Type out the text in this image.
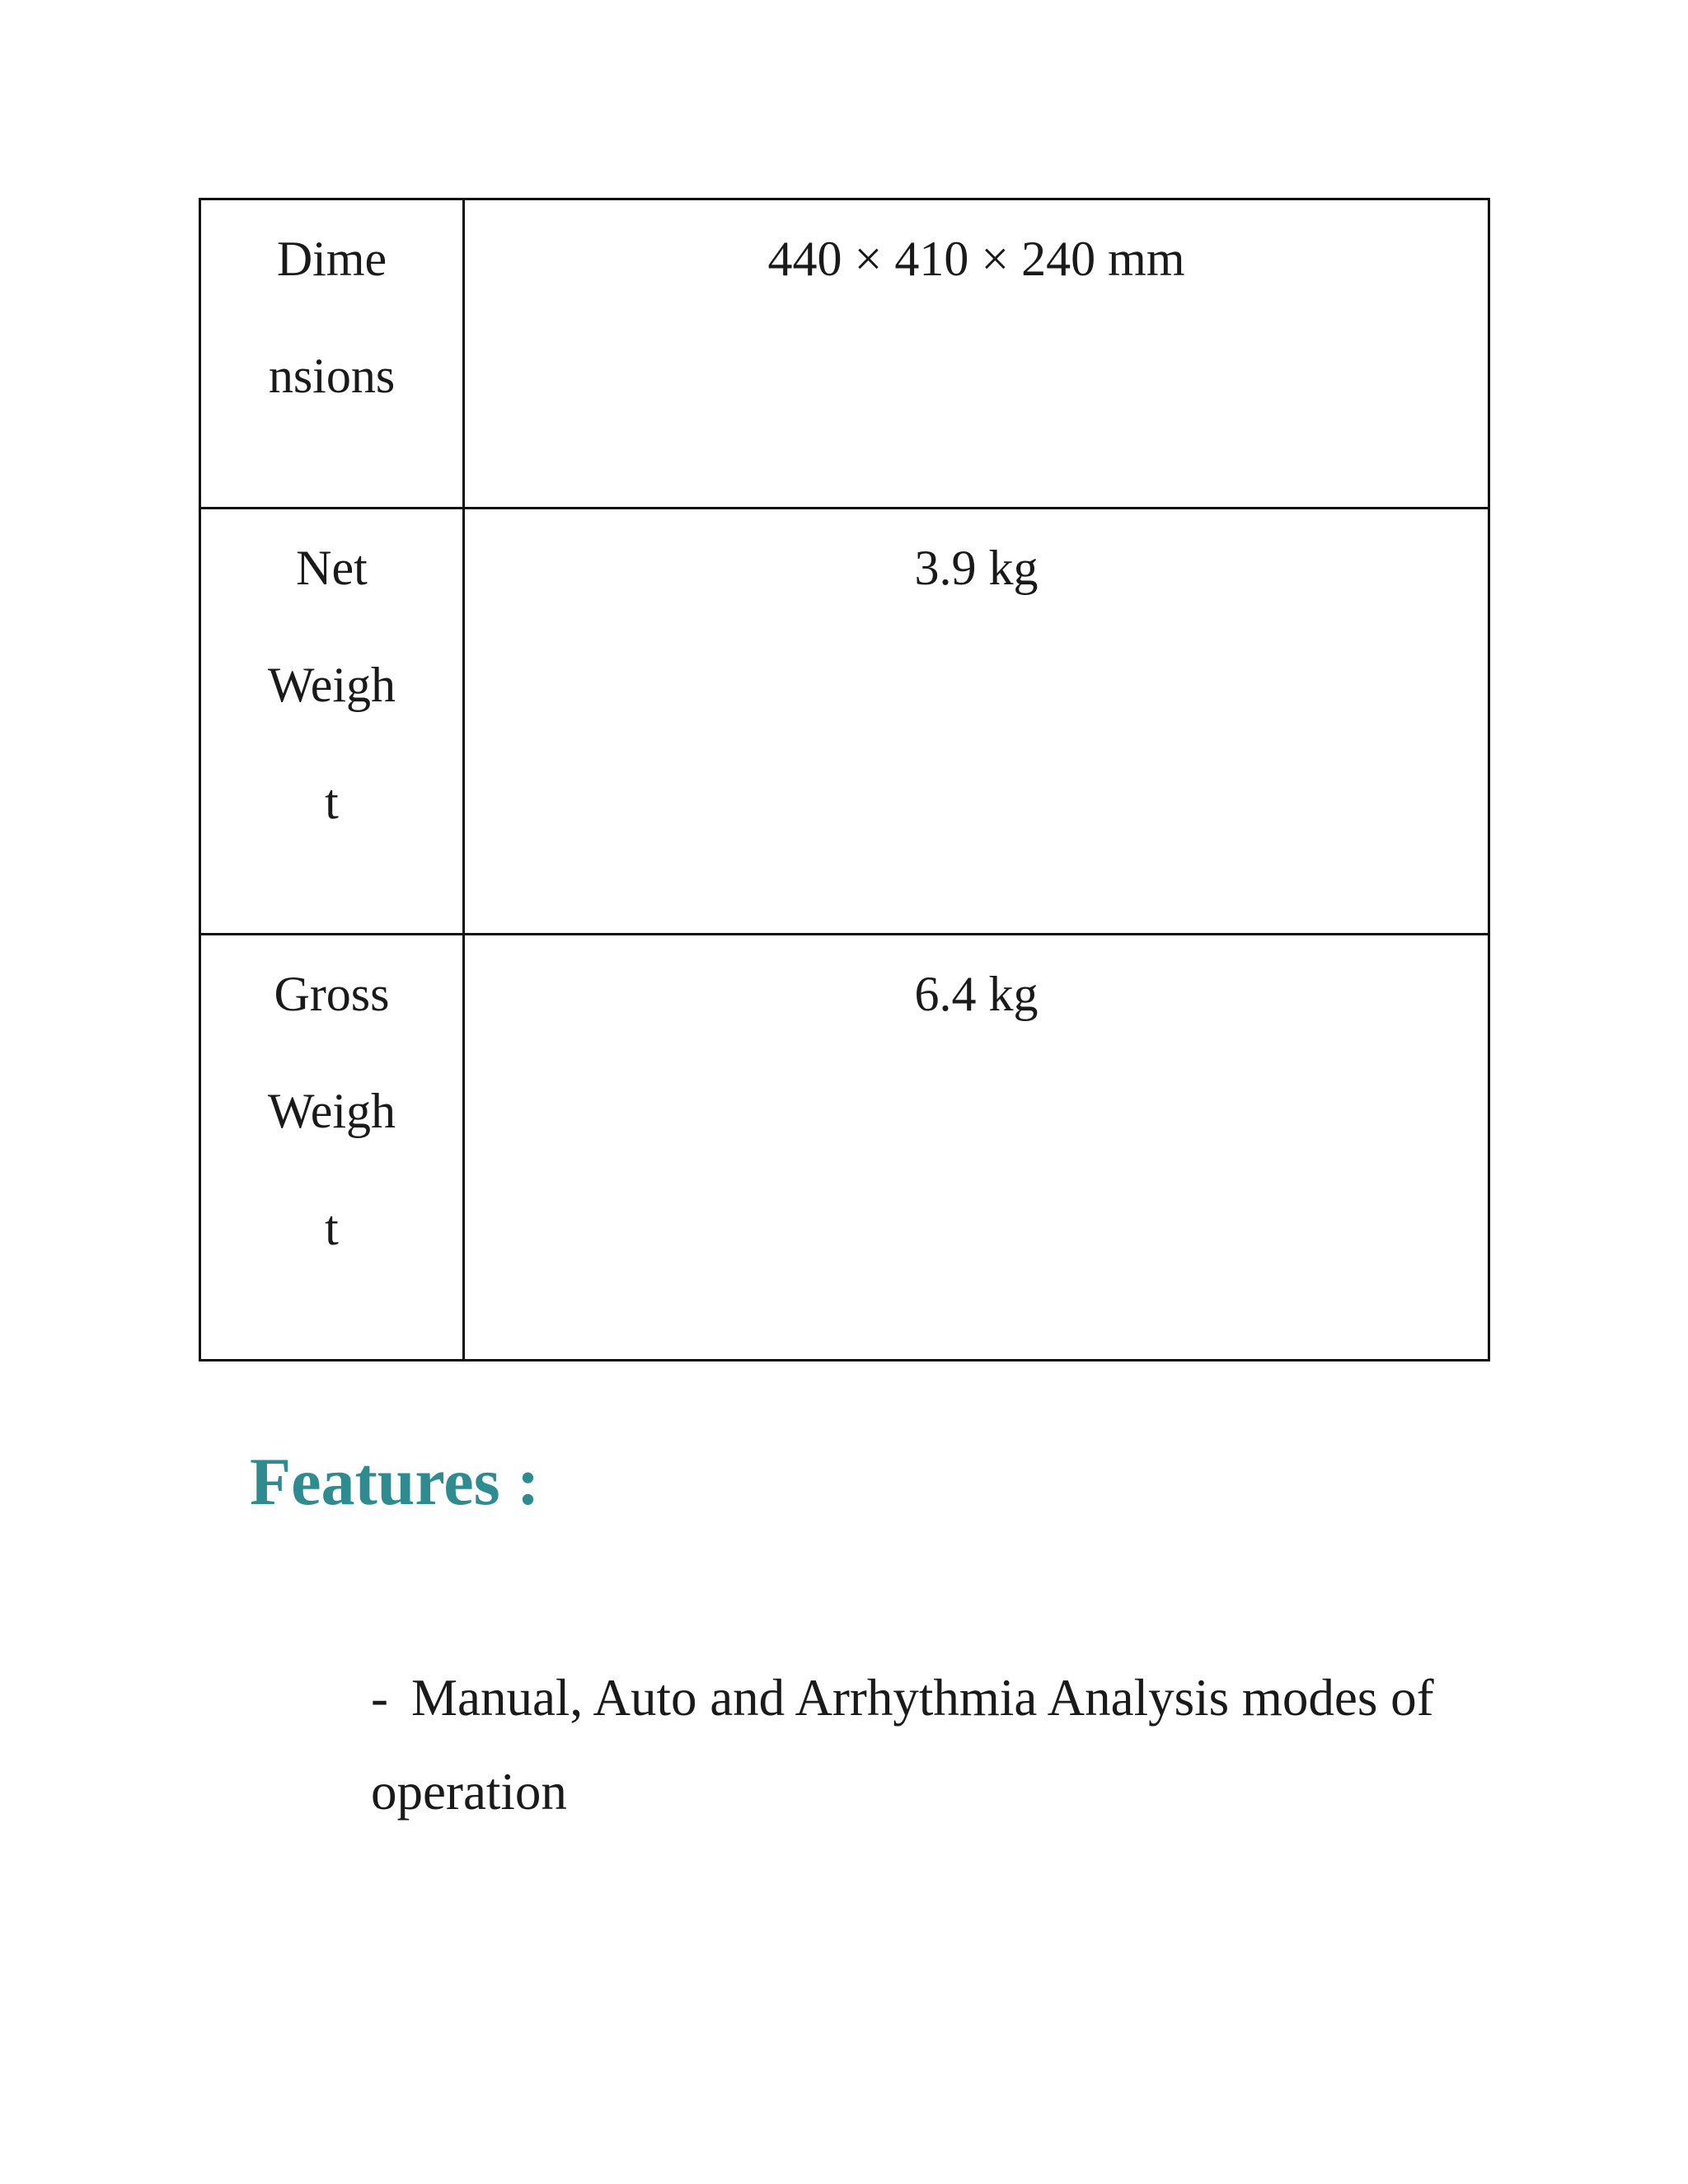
Dime
nsions	440 × 410 × 240 mm

Net
Weigh
t	3.9 kg

Gross
Weigh
t	6.4 kg
Features :

- Manual, Auto and Arrhythmia Analysis modes of operation
